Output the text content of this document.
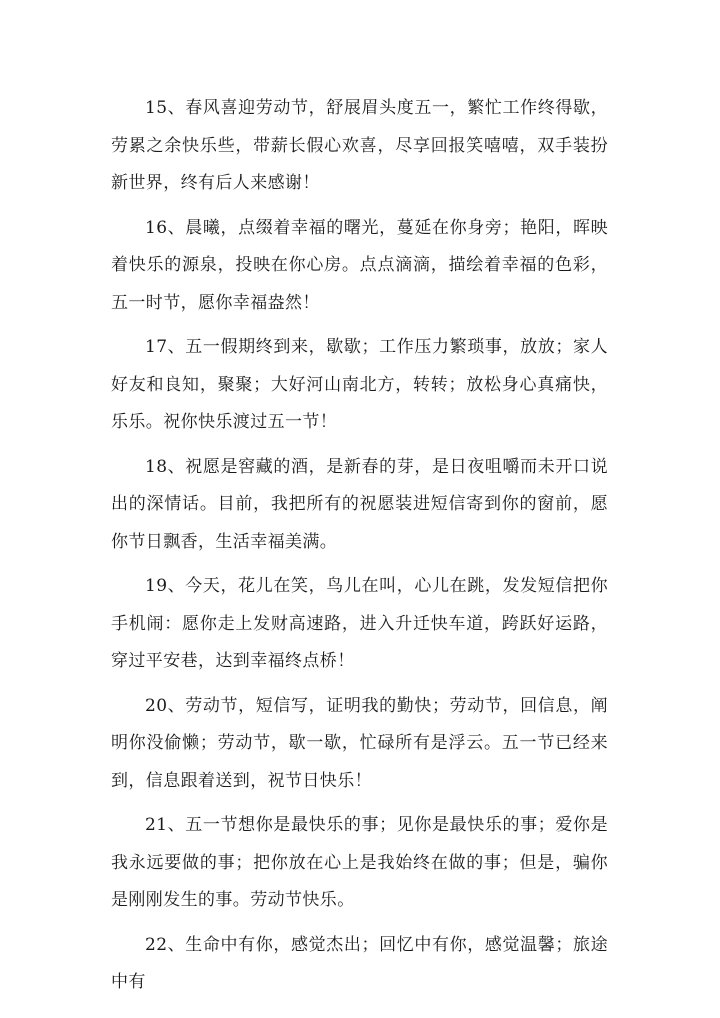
15、春风喜迎劳动节，舒展眉头度五一，繁忙工作终得歇，劳累之余快乐些，带薪长假心欢喜，尽享回报笑嘻嘻，双手装扮新世界，终有后人来感谢！

16、晨曦，点缀着幸福的曙光，蔓延在你身旁；艳阳，晖映着快乐的源泉，投映在你心房。点点滴滴，描绘着幸福的色彩，五一时节，愿你幸福盎然！

17、五一假期终到来，歇歇；工作压力繁琐事，放放；家人好友和良知，聚聚；大好河山南北方，转转；放松身心真痛快，乐乐。祝你快乐渡过五一节！

18、祝愿是窖藏的酒，是新春的芽，是日夜咀嚼而未开口说出的深情话。目前，我把所有的祝愿装进短信寄到你的窗前，愿你节日飘香，生活幸福美满。

19、今天，花儿在笑，鸟儿在叫，心儿在跳，发发短信把你手机闹：愿你走上发财高速路，进入升迁快车道，跨跃好运路，穿过平安巷，达到幸福终点桥！

20、劳动节，短信写，证明我的勤快；劳动节，回信息，阐明你没偷懒；劳动节，歇一歇，忙碌所有是浮云。五一节已经来到，信息跟着送到，祝节日快乐！

21、五一节想你是最快乐的事；见你是最快乐的事；爱你是我永远要做的事；把你放在心上是我始终在做的事；但是，骗你是刚刚发生的事。劳动节快乐。

22、生命中有你，感觉杰出；回忆中有你，感觉温馨；旅途中有
